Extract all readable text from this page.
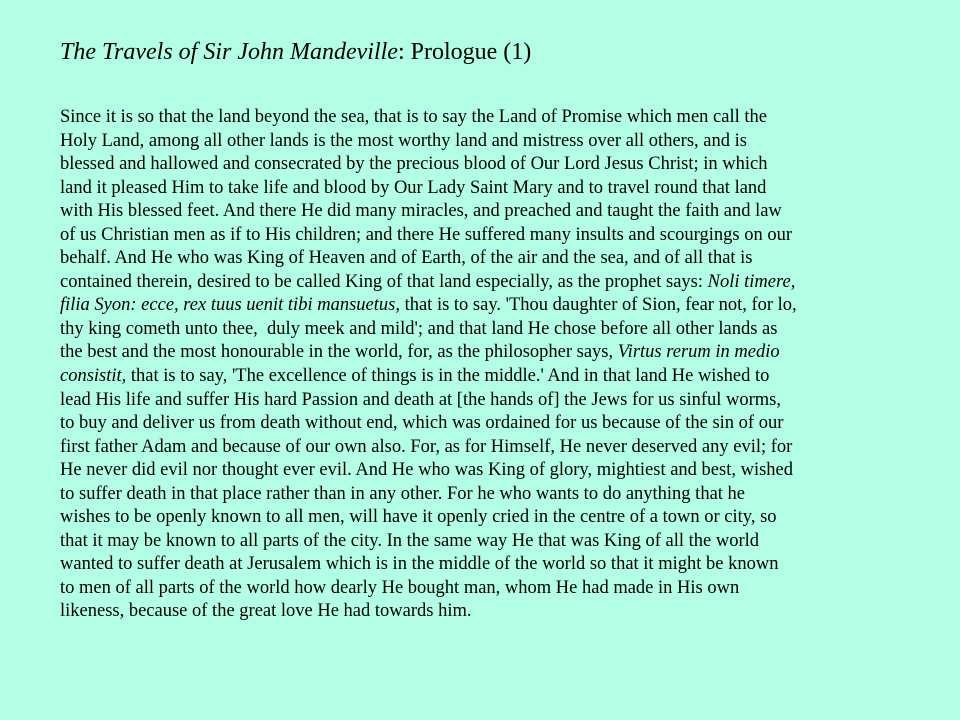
The Travels of Sir John Mandeville: Prologue (1)
Since it is so that the land beyond the sea, that is to say the Land of Promise which men call the
Holy Land, among all other lands is the most worthy land and mistress over all others, and is
blessed and hallowed and consecrated by the precious blood of Our Lord Jesus Christ; in which
land it pleased Him to take life and blood by Our Lady Saint Mary and to travel round that land
with His blessed feet. And there He did many miracles, and preached and taught the faith and law
of us Christian men as if to His children; and there He suffered many insults and scourgings on our
behalf. And He who was King of Heaven and of Earth, of the air and the sea, and of all that is
contained therein, desired to be called King of that land especially, as the prophet says: Noli timere,
filia Syon: ecce, rex tuus uenit tibi mansuetus, that is to say. 'Thou daughter of Sion, fear not, for lo,
thy king cometh unto thee,  duly meek and mild'; and that land He chose before all other lands as
the best and the most honourable in the world, for, as the philosopher says, Virtus rerum in medio
consistit, that is to say, 'The excellence of things is in the middle.' And in that land He wished to
lead His life and suffer His hard Passion and death at [the hands of] the Jews for us sinful worms,
to buy and deliver us from death without end, which was ordained for us because of the sin of our
first father Adam and because of our own also. For, as for Himself, He never deserved any evil; for
He never did evil nor thought ever evil. And He who was King of glory, mightiest and best, wished
to suffer death in that place rather than in any other. For he who wants to do anything that he
wishes to be openly known to all men, will have it openly cried in the centre of a town or city, so
that it may be known to all parts of the city. In the same way He that was King of all the world
wanted to suffer death at Jerusalem which is in the middle of the world so that it might be known
to men of all parts of the world how dearly He bought man, whom He had made in His own
likeness, because of the great love He had towards him.
